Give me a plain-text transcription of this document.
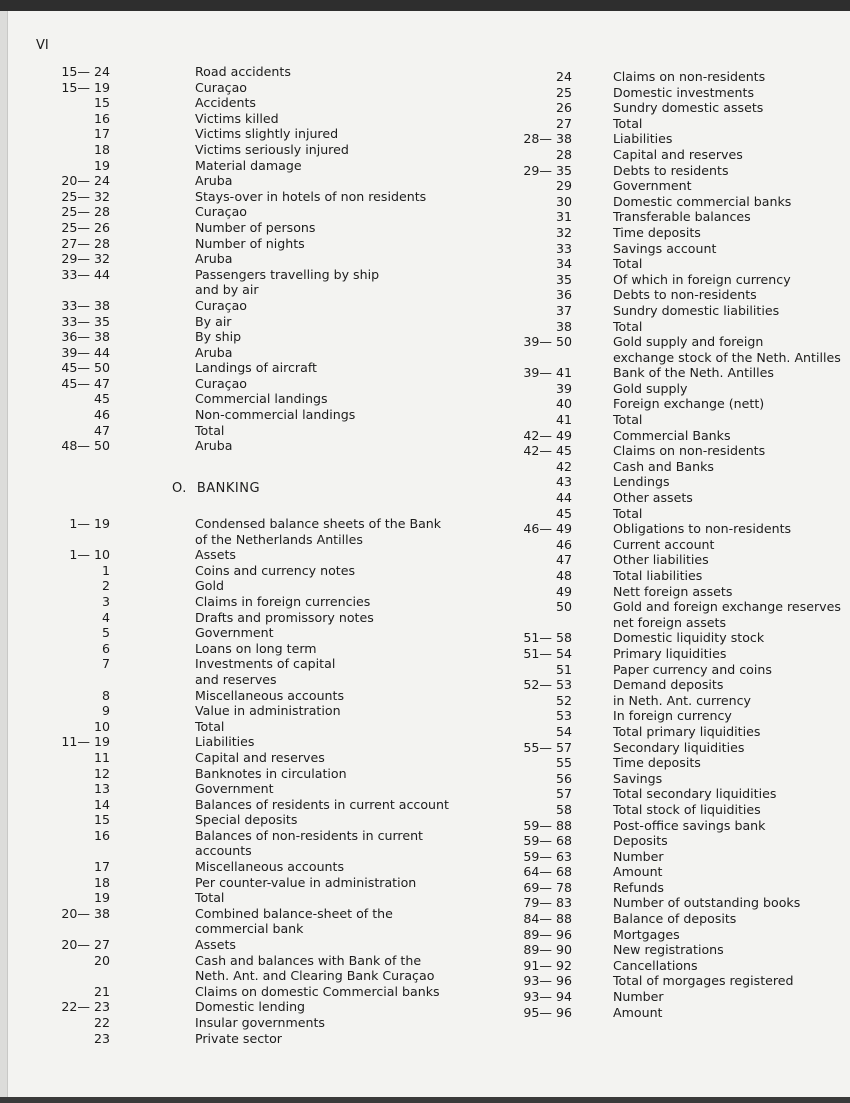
VI
O. BANKING
15— 24	Road accidents
15— 19	Curaçao
15	Accidents
16	Victims killed
17	Victims slightly injured
18	Victims seriously injured
19	Material damage
20— 24	Aruba
25— 32	Stays-over in hotels of non residents
25— 28	Curaçao
25— 26	Number of persons
27— 28	Number of nights
29— 32	Aruba
33— 44	Passengers travelling by ship
and by air
33— 38	Curaçao
33— 35	By air
36— 38	By ship
39— 44	Aruba
45— 50	Landings of aircraft
45— 47	Curaçao
45	Commercial landings
46	Non-commercial landings
47	Total
48— 50	Aruba
1— 19	Condensed balance sheets of the Bank
of the Netherlands Antilles
1— 10	Assets
1	Coins and currency notes
2	Gold
3	Claims in foreign currencies
4	Drafts and promissory notes
5	Government
6	Loans on long term
7	Investments of capital
and reserves
8	Miscellaneous accounts
9	Value in administration
10	Total
11— 19	Liabilities
11	Capital and reserves
12	Banknotes in circulation
13	Government
14	Balances of residents in current account
15	Special deposits
16	Balances of non-residents in current
accounts
17	Miscellaneous accounts
18	Per counter-value in administration
19	Total
20— 38	Combined balance-sheet of the
commercial bank
20— 27	Assets
20	Cash and balances with Bank of the
Neth. Ant. and Clearing Bank Curaçao
21	Claims on domestic Commercial banks
22— 23	Domestic lending
22	Insular governments
23	Private sector
24	Claims on non-residents
25	Domestic investments
26	Sundry domestic assets
27	Total
28— 38	Liabilities
28	Capital and reserves
29— 35	Debts to residents
29	Government
30	Domestic commercial banks
31	Transferable balances
32	Time deposits
33	Savings account
34	Total
35	Of which in foreign currency
36	Debts to non-residents
37	Sundry domestic liabilities
38	Total
39— 50	Gold supply and foreign
exchange stock of the Neth. Antilles
39— 41	Bank of the Neth. Antilles
39	Gold supply
40	Foreign exchange (nett)
41	Total
42— 49	Commercial Banks
42— 45	Claims on non-residents
42	Cash and Banks
43	Lendings
44	Other assets
45	Total
46— 49	Obligations to non-residents
46	Current account
47	Other liabilities
48	Total liabilities
49	Nett foreign assets
50	Gold and foreign exchange reserves
net foreign assets
51— 58	Domestic liquidity stock
51— 54	Primary liquidities
51	Paper currency and coins
52— 53	Demand deposits
52	in Neth. Ant. currency
53	In foreign currency
54	Total primary liquidities
55— 57	Secondary liquidities
55	Time deposits
56	Savings
57	Total secondary liquidities
58	Total stock of liquidities
59— 88	Post-office savings bank
59— 68	Deposits
59— 63	Number
64— 68	Amount
69— 78	Refunds
79— 83	Number of outstanding books
84— 88	Balance of deposits
89— 96	Mortgages
89— 90	New registrations
91— 92	Cancellations
93— 96	Total of morgages registered
93— 94	Number
95— 96	Amount
